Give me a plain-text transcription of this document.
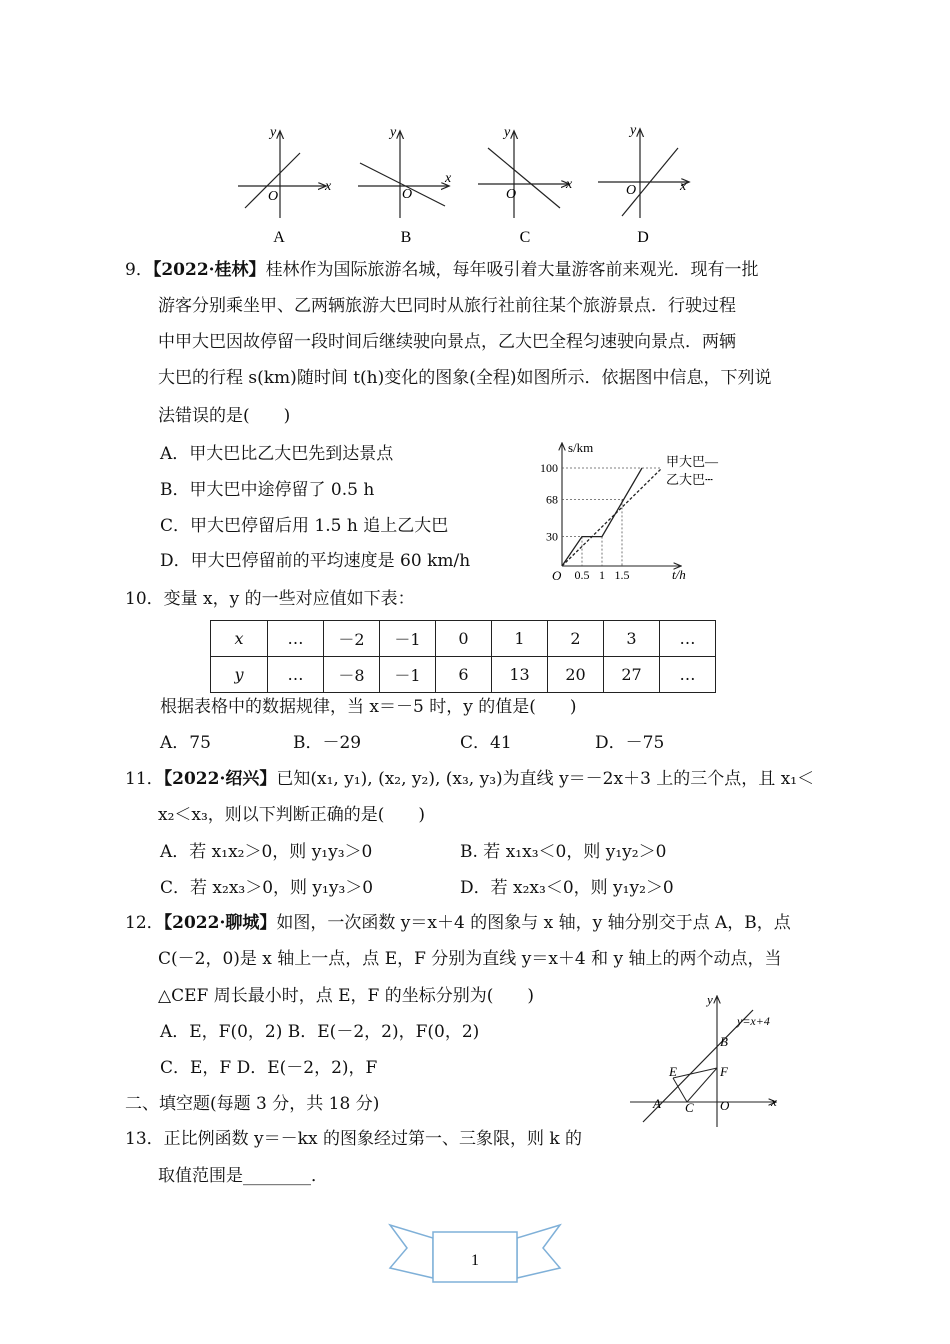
y
x
O
A
y
x
O
B
y
x
O
C
y
x
O
D
9．【2022·桂林】桂林作为国际旅游名城，每年吸引着大量游客前来观光．现有一批
游客分别乘坐甲、乙两辆旅游大巴同时从旅行社前往某个旅游景点．行驶过程
中甲大巴因故停留一段时间后继续驶向景点，乙大巴全程匀速驶向景点．两辆
大巴的行程 s(km)随时间 t(h)变化的图象(全程)如图所示．依据图中信息，下列说
法错误的是(　　)
A．甲大巴比乙大巴先到达景点
B．甲大巴中途停留了 0.5 h
C．甲大巴停留后用 1.5 h 追上乙大巴
D．甲大巴停留前的平均速度是 60 km/h
30
68
100
0.5 1 1.5
s/km
t/h
O
甲大巴—
乙大巴┄
10．变量 x，y 的一些对应值如下表：
x	…	－2	－1	0	1	2	3	…
y	…	－8	－1	6	13	20	27	…
根据表格中的数据规律，当 x＝－5 时，y 的值是(　　)
A．75	B．－29	C．41	D．－75
11．【2022·绍兴】已知(x₁, y₁), (x₂, y₂), (x₃, y₃)为直线 y＝－2x＋3 上的三个点，且 x₁＜
x₂＜x₃，则以下判断正确的是(　　)
A．若 x₁x₂＞0，则 y₁y₃＞0	B. 若 x₁x₃＜0，则 y₁y₂＞0
C．若 x₂x₃＞0，则 y₁y₃＞0	D．若 x₂x₃＜0，则 y₁y₂＞0
12．【2022·聊城】如图，一次函数 y＝x＋4 的图象与 x 轴，y 轴分别交于点 A，B，点
C(－2，0)是 x 轴上一点，点 E，F 分别为直线 y＝x＋4 和 y 轴上的两个动点，当
△CEF 周长最小时，点 E，F 的坐标分别为(　　)
A．E，F(0，2) B．E(－2，2)，F(0，2)
C．E，F D．E(－2，2)，F
y
x
y=x+4
A
B
C
E	F
O
二、填空题(每题 3 分，共 18 分)
13．正比例函数 y＝－kx 的图象经过第一、三象限，则 k 的
取值范围是________．
1
